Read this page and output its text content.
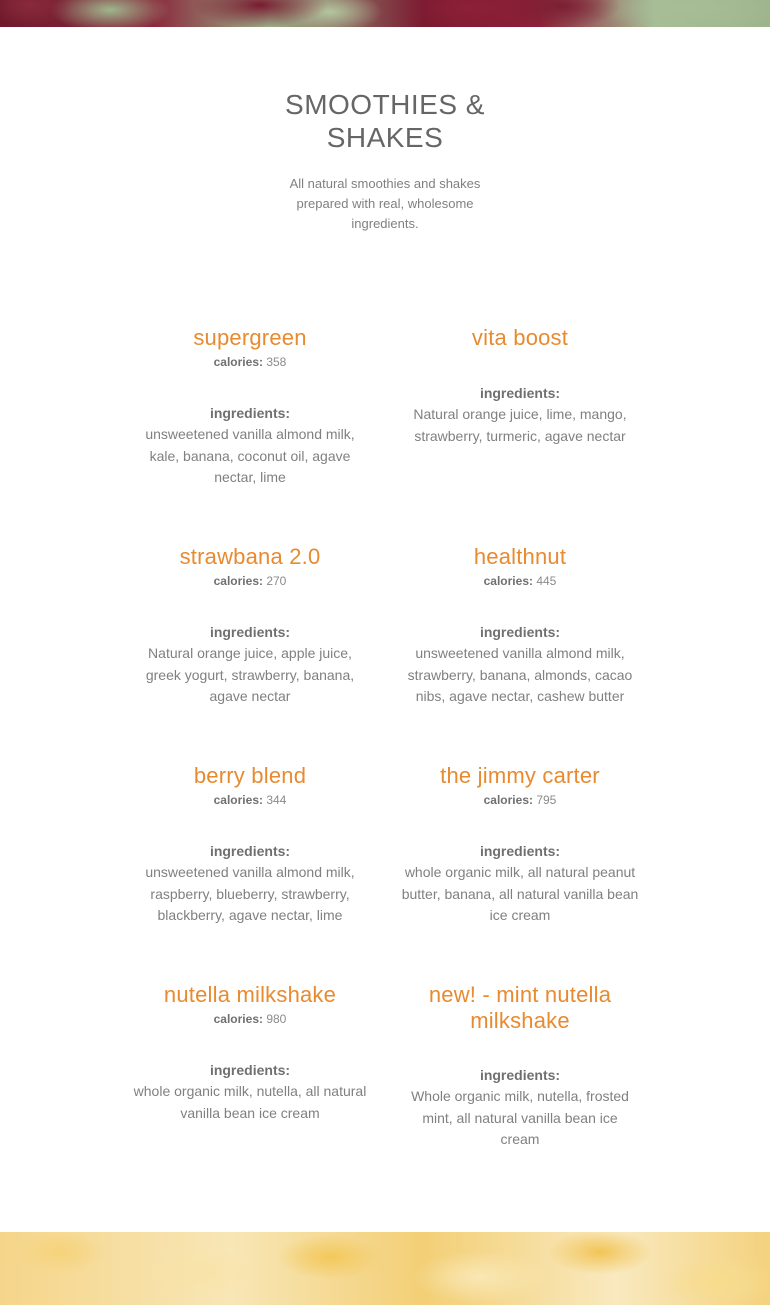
SMOOTHIES & SHAKES
All natural smoothies and shakes prepared with real, wholesome ingredients.
supergreen
calories: 358
ingredients:
unsweetened vanilla almond milk, kale, banana, coconut oil, agave nectar, lime
vita boost
ingredients:
Natural orange juice, lime, mango, strawberry, turmeric, agave nectar
strawbana 2.0
calories: 270
ingredients:
Natural orange juice, apple juice, greek yogurt, strawberry, banana, agave nectar
healthnut
calories: 445
ingredients:
unsweetened vanilla almond milk, strawberry, banana, almonds, cacao nibs, agave nectar, cashew butter
berry blend
calories: 344
ingredients:
unsweetened vanilla almond milk, raspberry, blueberry, strawberry, blackberry, agave nectar, lime
the jimmy carter
calories: 795
ingredients:
whole organic milk, all natural peanut butter, banana, all natural vanilla bean ice cream
nutella milkshake
calories: 980
ingredients:
whole organic milk, nutella, all natural vanilla bean ice cream
new! - mint nutella milkshake
ingredients:
Whole organic milk, nutella, frosted mint, all natural vanilla bean ice cream
